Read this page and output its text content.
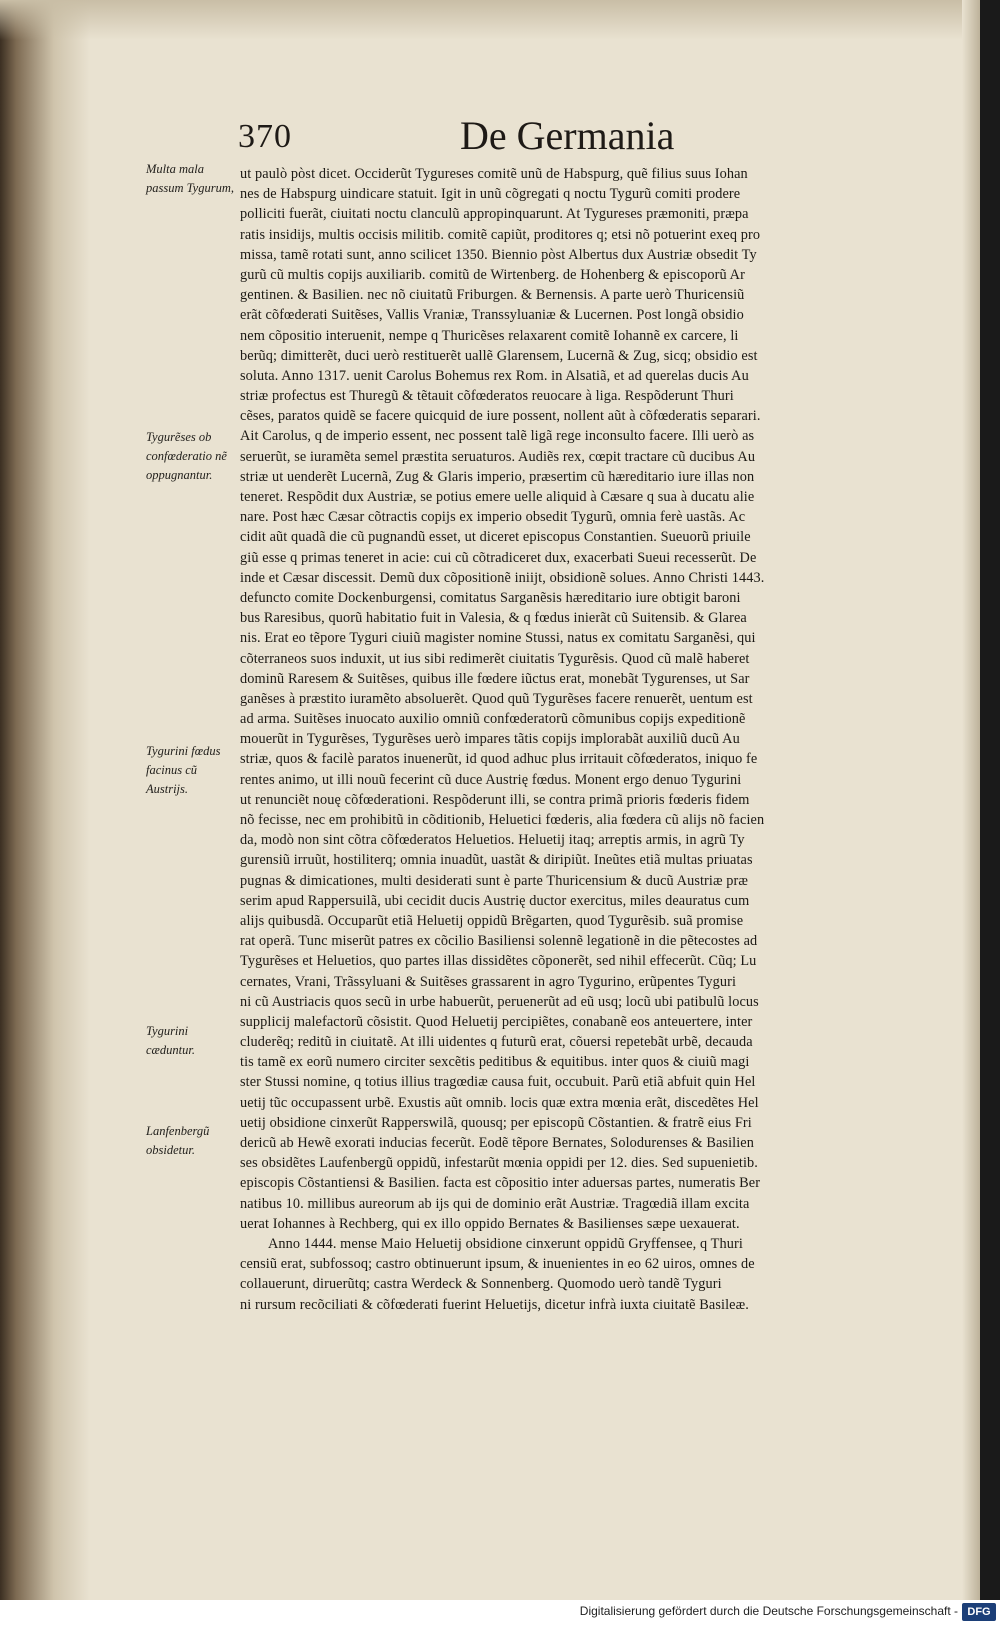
370	De Germania
Multa mala passum Tygurum,
Tygurẽses ob confœderatio nẽ oppugnantur.
Tygurini fœdus facinus cũ Austrijs.
Tygurini cæduntur.
Lanfenbergũ obsidetur.
ut paulò pòst dicet. Occiderũt Tygureses comitẽ unũ de Habspurg, quẽ filius suus Iohan
nes de Habspurg uindicare statuit. Igit in unũ cõgregati q noctu Tygurũ comiti prodere
polliciti fuerãt, ciuitati noctu clanculũ appropinquarunt. At Tygureses præmoniti, præpa
ratis insidijs, multis occisis militib. comitẽ capiũt, proditores q; etsi nõ potuerint exeq pro
missa, tamẽ rotati sunt, anno scilicet 1350. Biennio pòst Albertus dux Austriæ obsedit Ty
gurũ cũ multis copijs auxiliarib. comitũ de Wirtenberg. de Hohenberg & episcoporũ Ar
gentinen. & Basilien. nec nõ ciuitatũ Friburgen. & Bernensis. A parte uerò Thuricensiũ
erãt cõfœderati Suitẽses, Vallis Vraniæ, Transsyluaniæ & Lucernen. Post longã obsidio
nem cõpositio interuenit, nempe q Thuricẽses relaxarent comitẽ Iohannẽ ex carcere, li
berũq; dimitterẽt, duci uerò restituerẽt uallẽ Glarensem, Lucernã & Zug, sicq; obsidio est
soluta. Anno 1317. uenit Carolus Bohemus rex Rom. in Alsatiã, et ad querelas ducis Au
striæ profectus est Thuregũ & tẽtauit cõfœderatos reuocare à liga. Respõderunt Thuri
cẽses, paratos quidẽ se facere quicquid de iure possent, nollent aũt à cõfœderatis separari.
Ait Carolus, q de imperio essent, nec possent talẽ ligã rege inconsulto facere. Illi uerò as
seruerũt, se iuramẽta semel præstita seruaturos. Audiẽs rex, cœpit tractare cũ ducibus Au
striæ ut uenderẽt Lucernã, Zug & Glaris imperio, præsertim cũ hæreditario iure illas non
teneret. Respõdit dux Austriæ, se potius emere uelle aliquid à Cæsare q sua à ducatu alie
nare. Post hæc Cæsar cõtractis copijs ex imperio obsedit Tygurũ, omnia ferè uastãs. Ac
cidit aũt quadã die cũ pugnandũ esset, ut diceret episcopus Constantien. Sueuorũ priuile
giũ esse q primas teneret in acie: cui cũ cõtradiceret dux, exacerbati Sueui recesserũt. De
inde et Cæsar discessit. Demũ dux cõpositionẽ iniijt, obsidionẽ solues. Anno Christi 1443.
defuncto comite Dockenburgensi, comitatus Sarganẽsis hæreditario iure obtigit baroni
bus Raresibus, quorũ habitatio fuit in Valesia, & q fœdus inierãt cũ Suitensib. & Glarea
nis. Erat eo tẽpore Tyguri ciuiũ magister nomine Stussi, natus ex comitatu Sarganẽsi, qui
cõterraneos suos induxit, ut ius sibi redimerẽt ciuitatis Tygurẽsis. Quod cũ malẽ haberet
dominũ Raresem & Suitẽses, quibus ille fœdere iũctus erat, monebãt Tygurenses, ut Sar
ganẽses à præstito iuramẽto absoluerẽt. Quod quũ Tygurẽses facere renuerẽt, uentum est
ad arma. Suitẽses inuocato auxilio omniũ confœderatorũ cõmunibus copijs expeditionẽ
mouerũt in Tygurẽses, Tygurẽses uerò impares tãtis copijs implorabãt auxiliũ ducũ Au
striæ, quos & facilè paratos inuenerũt, id quod adhuc plus irritauit cõfœderatos, iniquo fe
rentes animo, ut illi nouũ fecerint cũ duce Austrię fœdus. Monent ergo denuo Tygurini
ut renunciẽt nouę cõfœderationi. Respõderunt illi, se contra primã prioris fœderis fidem
nõ fecisse, nec em prohibitũ in cõditionib, Heluetici fœderis, alia fœdera cũ alijs nõ facien
da, modò non sint cõtra cõfœderatos Heluetios. Heluetij itaq; arreptis armis, in agrũ Ty
gurensiũ irruũt, hostiliterq; omnia inuadũt, uastãt & diripiũt. Ineũtes etiã multas priuatas
pugnas & dimicationes, multi desiderati sunt è parte Thuricensium & ducũ Austriæ præ
serim apud Rappersuilã, ubi cecidit ducis Austrię ductor exercitus, miles deauratus cum
alijs quibusdã. Occuparũt etiã Heluetij oppidũ Brẽgarten, quod Tygurẽsib. suã promise
rat operã. Tunc miserũt patres ex cõcilio Basiliensi solennẽ legationẽ in die pẽtecostes ad
Tygurẽses et Heluetios, quo partes illas dissidẽtes cõponerẽt, sed nihil effecerũt. Cũq; Lu
cernates, Vrani, Trãssyluani & Suitẽses grassarent in agro Tygurino, erũpentes Tyguri
ni cũ Austriacis quos secũ in urbe habuerũt, peruenerũt ad eũ usq; locũ ubi patibulũ locus
supplicij malefactorũ cõsistit. Quod Heluetij percipiẽtes, conabanẽ eos anteuertere, inter
cluderẽq; reditũ in ciuitatẽ. At illi uidentes q futurũ erat, cõuersi repetebãt urbẽ, decauda
tis tamẽ ex eorũ numero circiter sexcẽtis peditibus & equitibus. inter quos & ciuiũ magi
ster Stussi nomine, q totius illius tragœdiæ causa fuit, occubuit. Parũ etiã abfuit quin Hel
uetij tũc occupassent urbẽ. Exustis aũt omnib. locis quæ extra mœnia erãt, discedẽtes Hel
uetij obsidione cinxerũt Rapperswilã, quousq; per episcopũ Cõstantien. & fratrẽ eius Fri
dericũ ab Hewẽ exorati inducias fecerũt. Eodẽ tẽpore Bernates, Solodurenses & Basilien
ses obsidẽtes Laufenbergũ oppidũ, infestarũt mœnia oppidi per 12. dies. Sed supuenietib.
episcopis Cõstantiensi & Basilien. facta est cõpositio inter aduersas partes, numeratis Ber
natibus 10. millibus aureorum ab ijs qui de dominio erãt Austriæ. Tragœdiã illam excita
uerat Iohannes à Rechberg, qui ex illo oppido Bernates & Basilienses sæpe uexauerat.
Anno 1444. mense Maio Heluetij obsidione cinxerunt oppidũ Gryffensee, q Thuri
censiũ erat, subfossoq; castro obtinuerunt ipsum, & inuenientes in eo 62 uiros, omnes de
collauerunt, diruerũtq; castra Werdeck & Sonnenberg. Quomodo uerò tandẽ Tyguri
ni rursum recõciliati & cõfœderati fuerint Heluetijs, dicetur infrà iuxta ciuitatẽ Basileæ.
Digitalisierung gefördert durch die Deutsche Forschungsgemeinschaft - DFG
